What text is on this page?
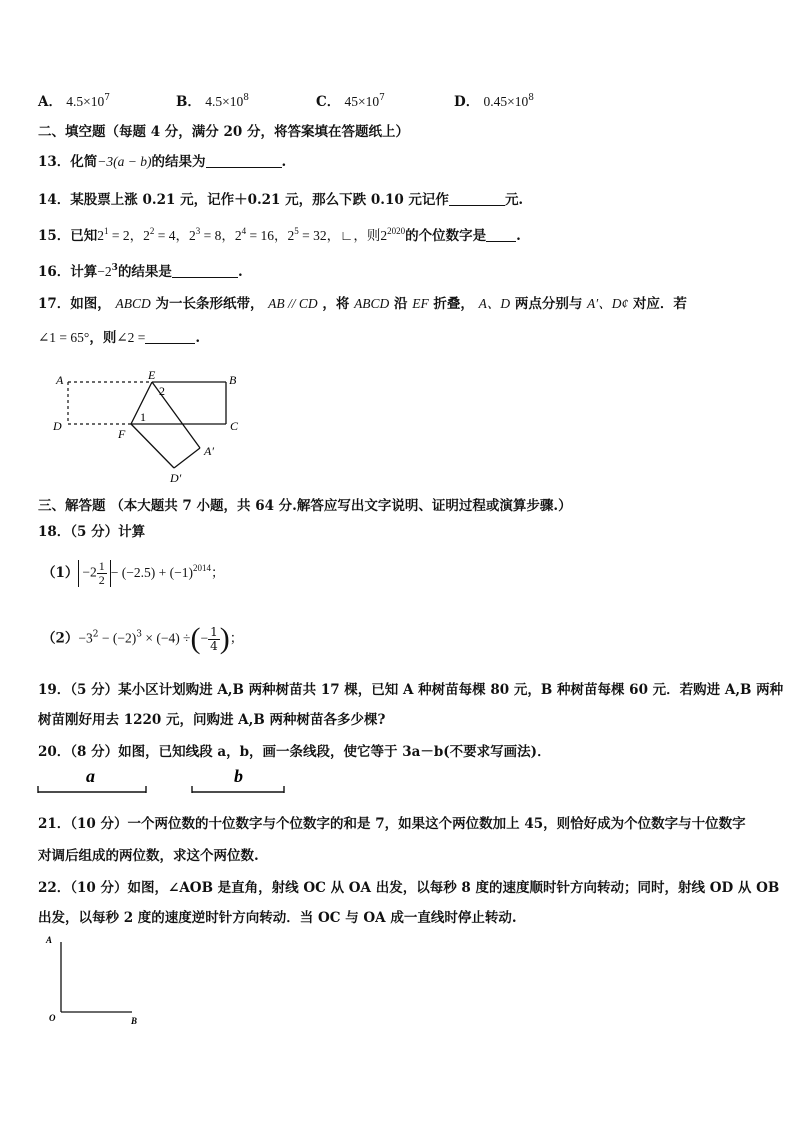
A． $4.5\times 10^7$	B． $4.5\times 10^8$	C． $45\times 10^7$	D． $0.45\times 10^8$
二、填空题（每题 4 分，满分 20 分，将答案填在答题纸上）
13．化简−3(a − b)的结果为	.
14．某股票上涨 0.21 元，记作＋0.21 元，那么下跌 0.10 元记作	元.
15．已知$2^1 = 2$，$2^2 = 4$，$2^3 = 8$，$2^4 = 16$，$2^5 = 32$，∟，则$2^{2020}$的个位数字是 .
16．计算$-2^3$的结果是	.
17．如图， ABCD 为一长条形纸带， AB // CD ，将 ABCD 沿 EF 折叠， A、D 两点分别与 A′、D¢ 对应．若
∠1 = 65°，则∠2 =	.
A	E
2
B
1
D
F
C
A′
D′
三、解答题 （本大题共 7 小题，共 64 分.解答应写出文字说明、证明过程或演算步骤.）
18．（5 分）计算
$(1) -2 \frac{1}{2} - (-2.5) + (-1)^{2014}$；
$(2)-3^2 - (-2)^3 \times (-4)$ ÷(− $\frac{1}{4}$ )；
19．（5 分）某小区计划购进 A,B 两种树苗共 17 棵，已知 A 种树苗每棵 80 元，B 种树苗每棵 60 元．若购进 A,B 两种
树苗刚好用去 1220 元，问购进 A,B 两种树苗各多少棵?
20．（8 分）如图，已知线段 a，b，画一条线段，使它等于 3a－b(不要求写画法)．
a	b
21．（10 分）一个两位数的十位数字与个位数字的和是 7，如果这个两位数加上 45，则恰好成为个位数字与十位数字
对调后组成的两位数，求这个两位数.
22．（10 分）如图，∠AOB 是直角，射线 OC 从 OA 出发，以每秒 8 度的速度顺时针方向转动；同时，射线 OD 从 OB
出发，以每秒 2 度的速度逆时针方向转动．当 OC 与 OA 成一直线时停止转动.
A
O	B
